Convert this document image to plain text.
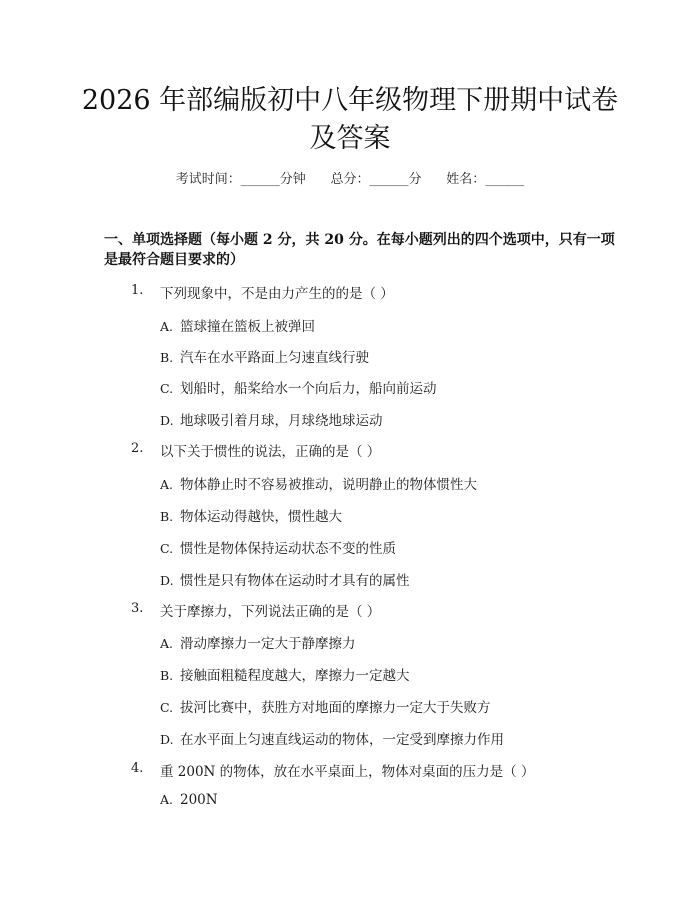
2026 年部编版初中八年级物理下册期中试卷
及答案
考试时间：______分钟      总分：______分      姓名：______
一、单项选择题（每小题 2 分，共 20 分。在每小题列出的四个选项中，只有一项
是最符合题目要求的）
1. 下列现象中，不是由力产生的的是（ ）
A. 篮球撞在篮板上被弹回
B. 汽车在水平路面上匀速直线行驶
C. 划船时，船桨给水一个向后力，船向前运动
D. 地球吸引着月球，月球绕地球运动
2. 以下关于惯性的说法，正确的是（ ）
A. 物体静止时不容易被推动，说明静止的物体惯性大
B. 物体运动得越快，惯性越大
C. 惯性是物体保持运动状态不变的性质
D. 惯性是只有物体在运动时才具有的属性
3. 关于摩擦力，下列说法正确的是（ ）
A. 滑动摩擦力一定大于静摩擦力
B. 接触面粗糙程度越大，摩擦力一定越大
C. 拔河比赛中，获胜方对地面的摩擦力一定大于失败方
D. 在水平面上匀速直线运动的物体，一定受到摩擦力作用
4. 重 200N 的物体，放在水平桌面上，物体对桌面的压力是（ ）
A. 200N
